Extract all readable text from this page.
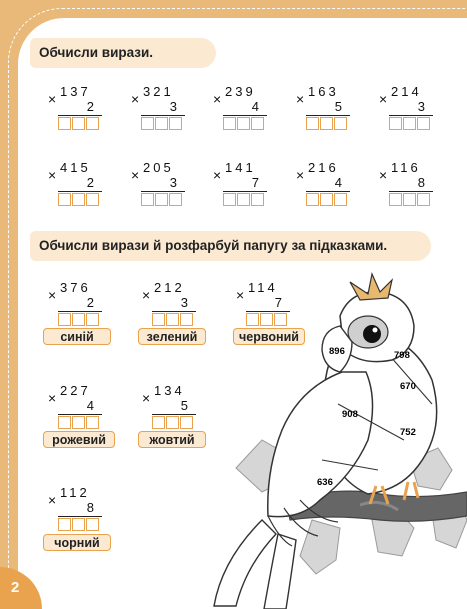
Обчисли вирази.
× 137
2	× 321
3	× 239
4	× 163
5	× 214
3
× 415
2	× 205
3	× 141
7	× 216
4	× 116
8
Обчисли вирази й розфарбуй папугу за підказками.
× 376
2
синій
× 212
3
зелений
× 114
7
червоний
× 227
4
рожевий
× 134
5
жовтий
× 112
8
чорний
896	798
670
908
752
636
2
